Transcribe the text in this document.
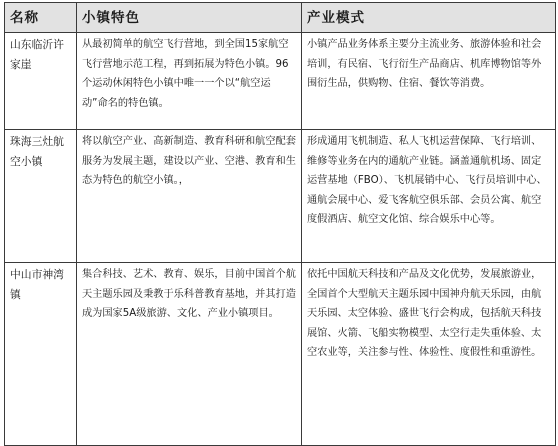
名称	小镇特色	产业模式
山东临沂许家崖	从最初简单的航空飞行营地，到全国15家航空飞行营地示范工程，再到拓展为特色小镇。96个运动休闲特色小镇中唯一一个以“航空运动”命名的特色镇。	小镇产品业务体系主要分主流业务、旅游体验和社会培训，有民宿、飞行衍生产品商店、机库博物馆等外围衍生品，供购物、住宿、餐饮等消费。
珠海三灶航空小镇	将以航空产业、高新制造、教育科研和航空配套服务为发展主题，建设以产业、空港、教育和生态为特色的航空小镇。，	形成通用飞机制造、私人飞机运营保障、飞行培训、维修等业务在内的通航产业链。涵盖通航机场、固定运营基地（FBO）、飞机展销中心、飞行员培训中心、通航会展中心、爱飞客航空俱乐部、会员公寓、航空度假酒店、航空文化馆、综合娱乐中心等。
中山市神湾镇	集合科技、艺术、教育、娱乐，目前中国首个航天主题乐园及秉教于乐科普教育基地，并其打造成为国家5A级旅游、文化、产业小镇项目。	依托中国航天科技和产品及文化优势，发展旅游业，全国首个大型航天主题乐园中国神舟航天乐园，由航天乐园、太空体验、盛世飞行会构成，包括航天科技展馆、火箭、飞船实物模型、太空行走失重体验、太空农业等，关注参与性、体验性、度假性和重游性。
